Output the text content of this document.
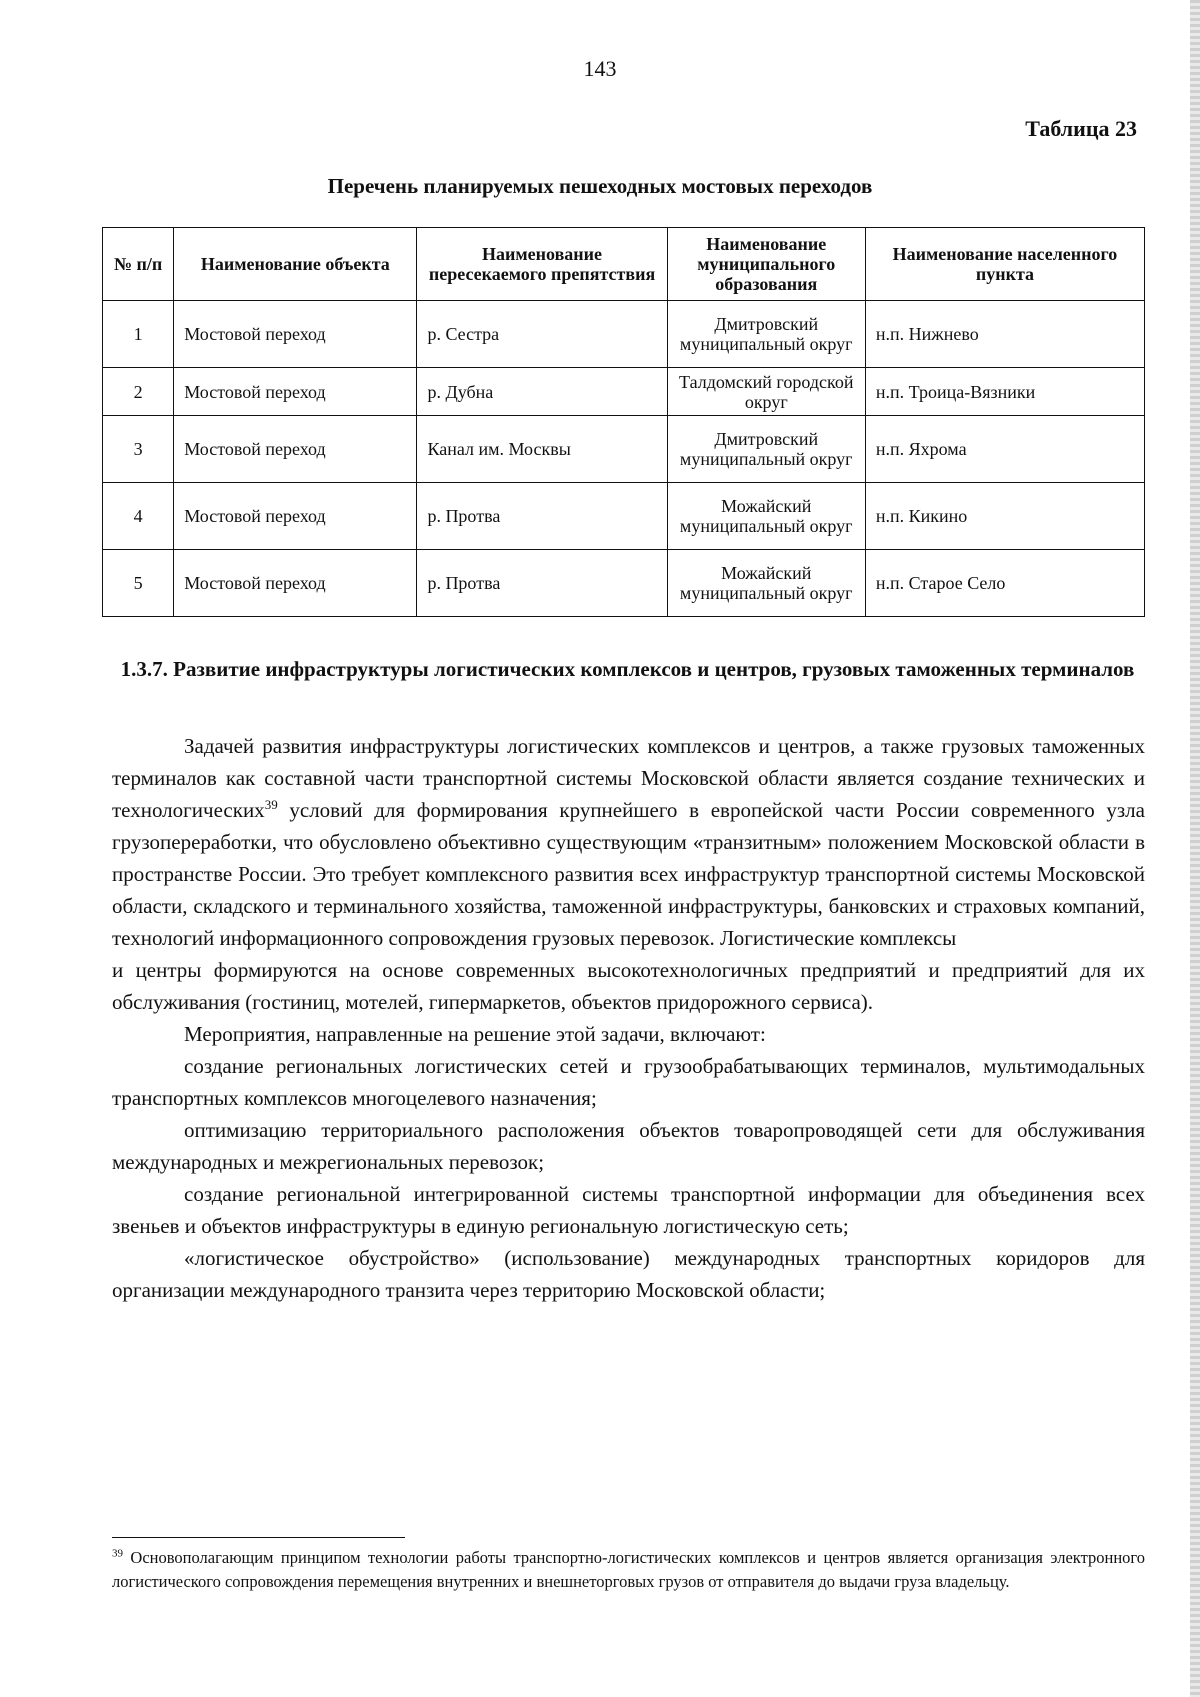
143
Таблица 23
Перечень планируемых пешеходных мостовых переходов
№ п/п	Наименование объекта	Наименование пересекаемого препятствия	Наименование муниципального образования	Наименование населенного пункта
1	Мостовой переход	р. Сестра	Дмитровский муниципальный округ	н.п. Нижнево
2	Мостовой переход	р. Дубна	Талдомский городской округ	н.п. Троица-Вязники
3	Мостовой переход	Канал им. Москвы	Дмитровский муниципальный округ	н.п. Яхрома
4	Мостовой переход	р. Протва	Можайский муниципальный округ	н.п. Кикино
5	Мостовой переход	р. Протва	Можайский муниципальный округ	н.п. Старое Село
1.3.7. Развитие инфраструктуры логистических комплексов и центров, грузовых таможенных терминалов

Задачей развития инфраструктуры логистических комплексов и центров, а также грузовых таможенных терминалов как составной части транспортной системы Московской области является создание технических и технологических$^{39}$ условий для формирования крупнейшего в европейской части России современного узла грузопереработки, что обусловлено объективно существующим «транзитным» положением Московской области в пространстве России. Это требует комплексного развития всех инфраструктур транспортной системы Московской области, складского и терминального хозяйства, таможенной инфраструктуры, банковских и страховых компаний, технологий информационного сопровождения грузовых перевозок. Логистические комплексы

и центры формируются на основе современных высокотехнологичных предприятий и предприятий для их обслуживания (гостиниц, мотелей, гипермаркетов, объектов придорожного сервиса).

Мероприятия, направленные на решение этой задачи, включают:

создание региональных логистических сетей и грузообрабатывающих терминалов, мультимодальных транспортных комплексов многоцелевого назначения;

оптимизацию территориального расположения объектов товаропроводящей сети для обслуживания международных и межрегиональных перевозок;

создание региональной интегрированной системы транспортной информации для объединения всех звеньев и объектов инфраструктуры в единую региональную логистическую сеть;

«логистическое обустройство» (использование) международных транспортных коридоров для организации международного транзита через территорию Московской области;

$^{39}$ Основополагающим принципом технологии работы транспортно-логистических комплексов и центров является организация электронного логистического сопровождения перемещения внутренних и внешнеторговых грузов от отправителя до выдачи груза владельцу.
